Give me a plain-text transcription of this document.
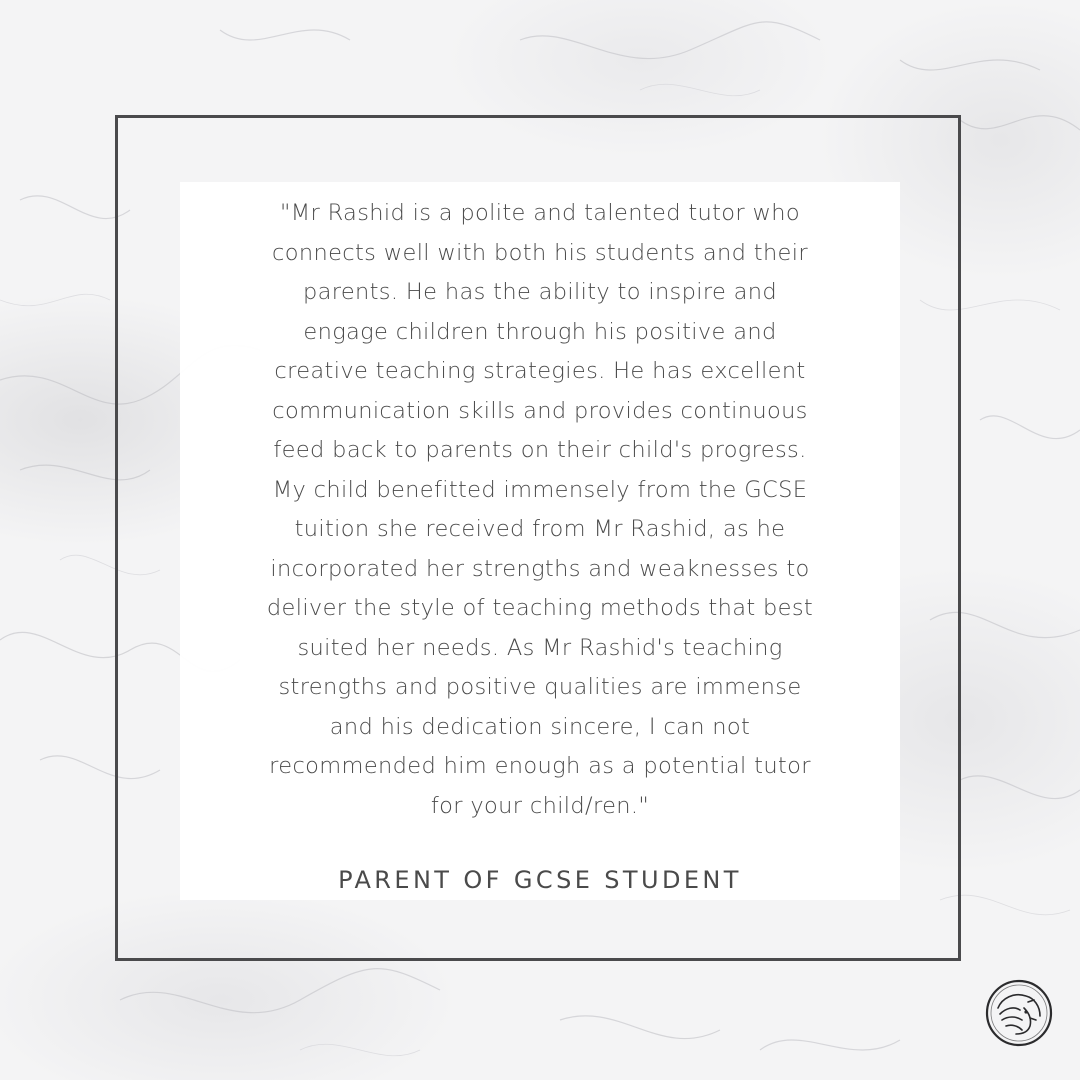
"Mr Rashid is a polite and talented tutor who
connects well with both his students and their
parents. He has the ability to inspire and
engage children through his positive and
creative teaching strategies. He has excellent
communication skills and provides continuous
feed back to parents on their child's progress.
My child benefitted immensely from the GCSE
tuition she received from Mr Rashid, as he
incorporated her strengths and weaknesses to
deliver the style of teaching methods that best
suited her needs. As Mr Rashid's teaching
strengths and positive qualities are immense
and his dedication sincere, I can not
recommended him enough as a potential tutor
for your child/ren."
PARENT OF GCSE STUDENT
